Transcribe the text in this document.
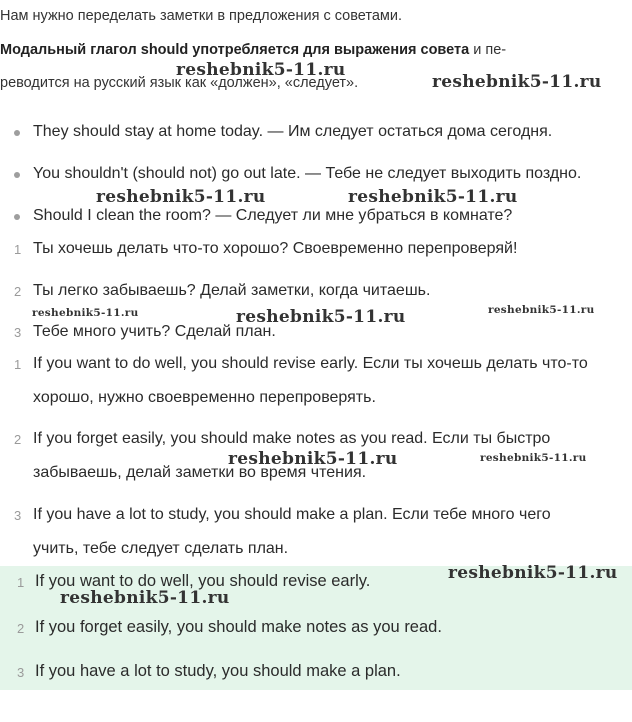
Нам нужно переделать заметки в предложения с советами.
Модальный глагол should употребляется для выражения совета и пе-
реводится на русский язык как «должен», «следует».
They should stay at home today. — Им следует остаться дома сегодня.
You shouldn't (should not) go out late. — Тебе не следует выходить поздно.
Should I clean the room? — Следует ли мне убраться в комнате?
1 Ты хочешь делать что-то хорошо? Своевременно перепроверяй!
2 Ты легко забываешь? Делай заметки, когда читаешь.
3 Тебе много учить? Сделай план.
1 If you want to do well, you should revise early. Если ты хочешь делать что-то
хорошо, нужно своевременно перепроверять.
2 If you forget easily, you should make notes as you read. Если ты быстро
забываешь, делай заметки во время чтения.
3 If you have a lot to study, you should make a plan. Если тебе много чего
учить, тебе следует сделать план.
1 If you want to do well, you should revise early.
2 If you forget easily, you should make notes as you read.
3 If you have a lot to study, you should make a plan.
reshebnik5-11.ru
reshebnik5-11.ru
reshebnik5-11.ru	reshebnik5-11.ru
reshebnik5-11.ru	reshebnik5-11.ru	reshebnik5-11.ru
reshebnik5-11.ru	reshebnik5-11.ru
reshebnik5-11.ru
reshebnik5-11.ru
